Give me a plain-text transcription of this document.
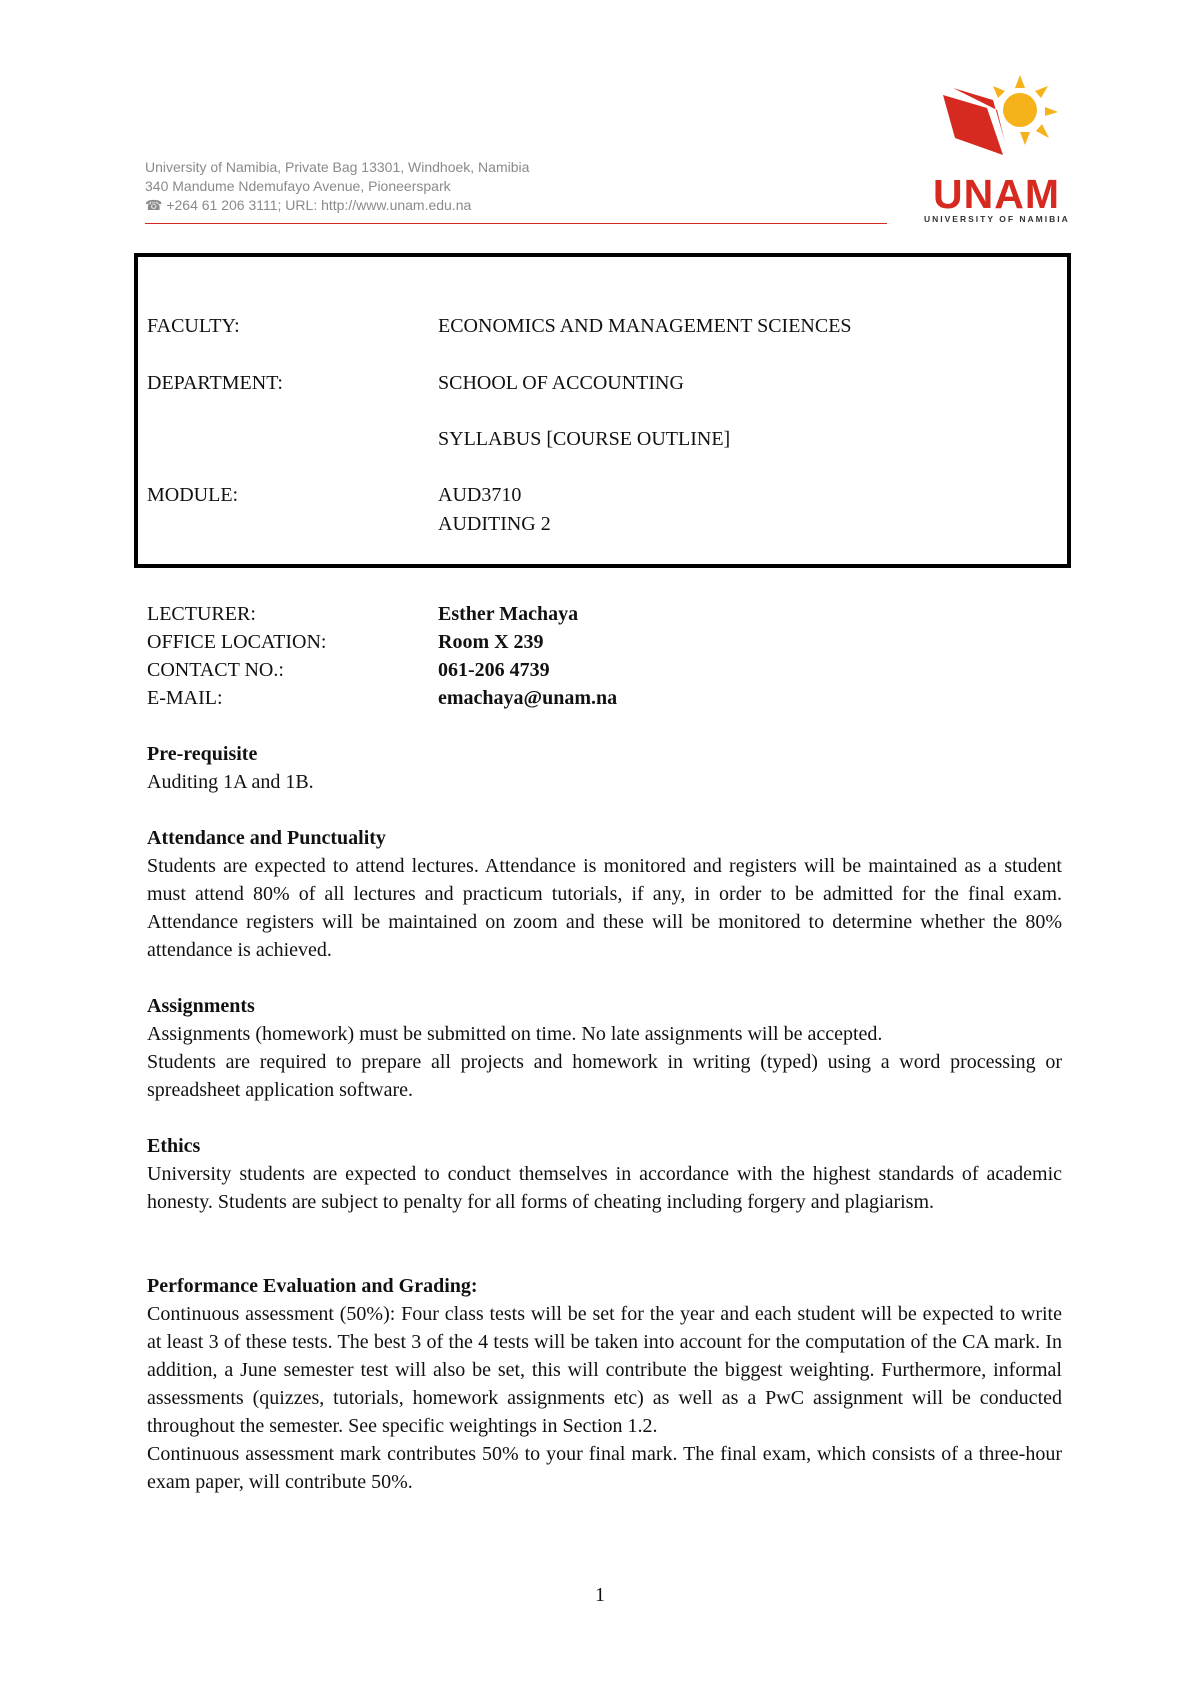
University of Namibia, Private Bag 13301, Windhoek, Namibia
340 Mandume Ndemufayo Avenue, Pioneerspark
☎ +264 61 206 3111; URL: http://www.unam.edu.na	UNAM
UNIVERSITY OF NAMIBIA
FACULTY:	ECONOMICS AND MANAGEMENT SCIENCES
DEPARTMENT:	SCHOOL OF ACCOUNTING
SYLLABUS [COURSE OUTLINE]
MODULE:	AUD3710
AUDITING 2
LECTURER:	Esther Machaya
OFFICE LOCATION:	Room X 239
CONTACT NO.:	061-206 4739
E-MAIL:	emachaya@unam.na
Pre-requisite
Auditing 1A and 1B.
Attendance and Punctuality

Students are expected to attend lectures. Attendance is monitored and registers will be maintained as a student must attend 80% of all lectures and practicum tutorials, if any, in order to be admitted for the final exam. Attendance registers will be maintained on zoom and these will be monitored to determine whether the 80% attendance is achieved.

Assignments

Assignments (homework) must be submitted on time. No late assignments will be accepted.

Students are required to prepare all projects and homework in writing (typed) using a word processing or spreadsheet application software.

Ethics

University students are expected to conduct themselves in accordance with the highest standards of academic honesty. Students are subject to penalty for all forms of cheating including forgery and plagiarism.

Performance Evaluation and Grading:

Continuous assessment (50%): Four class tests will be set for the year and each student will be expected to write at least 3 of these tests. The best 3 of the 4 tests will be taken into account for the computation of the CA mark. In addition, a June semester test will also be set, this will contribute the biggest weighting. Furthermore, informal assessments (quizzes, tutorials, homework assignments etc) as well as a PwC assignment will be conducted throughout the semester. See specific weightings in Section 1.2.

Continuous assessment mark contributes 50% to your final mark. The final exam, which consists of a three-hour exam paper, will contribute 50%.

1
